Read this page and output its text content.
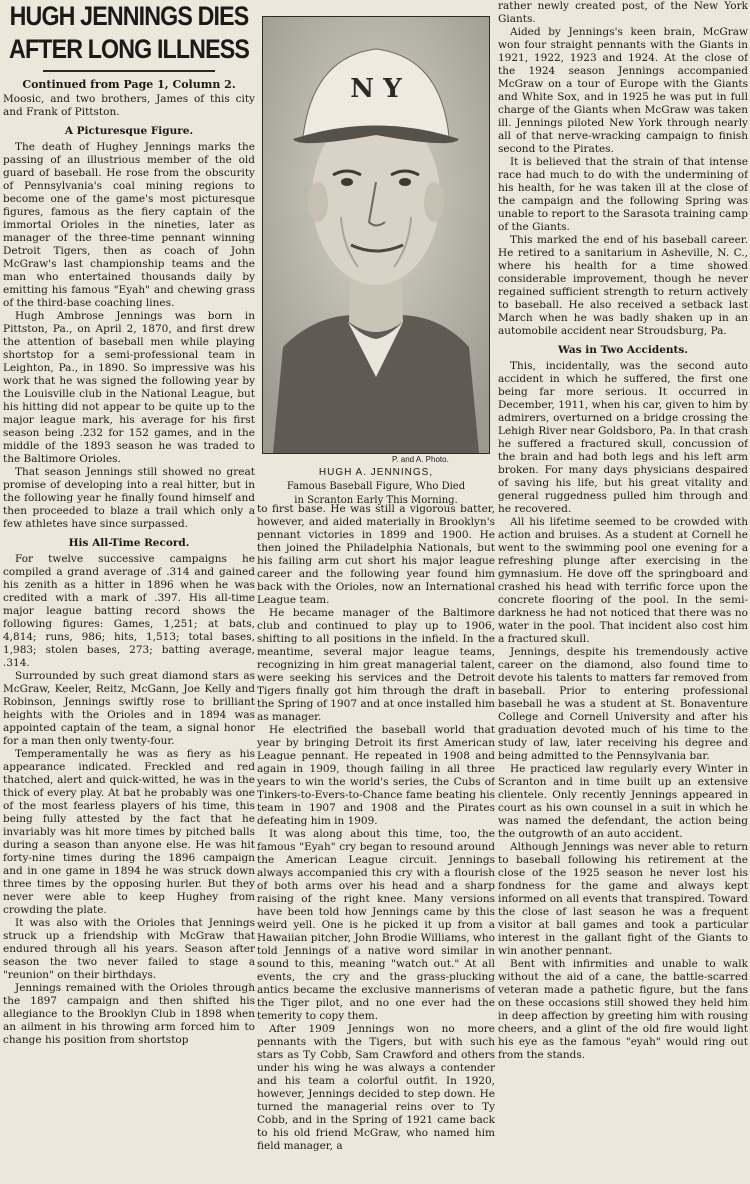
HUGH JENNINGS DIES
AFTER LONG ILLNESS
Continued from Page 1, Column 2.

Moosic, and two brothers, James of this city and Frank of Pittston.

A Picturesque Figure.

The death of Hughey Jennings marks the passing of an illustrious member of the old guard of baseball. He rose from the obscurity of Pennsylvania's coal mining regions to become one of the game's most picturesque figures, famous as the fiery captain of the immortal Orioles in the nineties, later as manager of the three-time pennant winning Detroit Tigers, then as coach of John McGraw's last championship teams and the man who entertained thousands daily by emitting his famous "Eyah" and chewing grass of the third-base coaching lines.

Hugh Ambrose Jennings was born in Pittston, Pa., on April 2, 1870, and first drew the attention of baseball men while playing shortstop for a semi-professional team in Leighton, Pa., in 1890. So impressive was his work that he was signed the following year by the Louisville club in the National League, but his hitting did not appear to be quite up to the major league mark, his average for his first season being .232 for 152 games, and in the middle of the 1893 season he was traded to the Baltimore Orioles.

That season Jennings still showed no great promise of developing into a real hitter, but in the following year he finally found himself and then proceeded to blaze a trail which only a few athletes have since surpassed.

His All-Time Record.

For twelve successive campaigns he compiled a grand average of .314 and gained his zenith as a hitter in 1896 when he was credited with a mark of .397. His all-time major league batting record shows the following figures: Games, 1,251; at bats, 4,814; runs, 986; hits, 1,513; total bases, 1,983; stolen bases, 273; batting average, .314.

Surrounded by such great diamond stars as McGraw, Keeler, Reitz, McGann, Joe Kelly and Robinson, Jennings swiftly rose to brilliant heights with the Orioles and in 1894 was appointed captain of the team, a signal honor for a man then only twenty-four.

Temperamentally he was as fiery as his appearance indicated. Freckled and red thatched, alert and quick-witted, he was in the thick of every play. At bat he probably was one of the most fearless players of his time, this being fully attested by the fact that he invariably was hit more times by pitched balls during a season than anyone else. He was hit forty-nine times during the 1896 campaign and in one game in 1894 he was struck down three times by the opposing hurler. But they never were able to keep Hughey from crowding the plate.

It was also with the Orioles that Jennings struck up a friendship with McGraw that endured through all his years. Season after season the two never failed to stage a "reunion" on their birthdays.

Jennings remained with the Orioles through the 1897 campaign and then shifted his allegiance to the Brooklyn Club in 1898 when an ailment in his throwing arm forced him to change his position from shortstop

N Y
P. and A. Photo.
HUGH A. JENNINGS,
Famous Baseball Figure, Who Died
in Scranton Early This Morning.

to first base. He was still a vigorous batter, however, and aided materially in Brooklyn's pennant victories in 1899 and 1900. He then joined the Philadelphia Nationals, but his failing arm cut short his major league career and the following year found him back with the Orioles, now an International League team.

He became manager of the Baltimore club and continued to play up to 1906, shifting to all positions in the infield. In the meantime, several major league teams, recognizing in him great managerial talent, were seeking his services and the Detroit Tigers finally got him through the draft in the Spring of 1907 and at once installed him as manager.

He electrified the baseball world that year by bringing Detroit its first American League pennant. He repeated in 1908 and again in 1909, though failing in all three years to win the world's series, the Cubs of Tinkers-to-Evers-to-Chance fame beating his team in 1907 and 1908 and the Pirates defeating him in 1909.

It was along about this time, too, the famous "Eyah" cry began to resound around the American League circuit. Jennings always accompanied this cry with a flourish of both arms over his head and a sharp raising of the right knee. Many versions have been told how Jennings came by this weird yell. One is he picked it up from a Hawaiian pitcher, John Brodie Williams, who told Jennings of a native word similar in sound to this, meaning "watch out." At all events, the cry and the grass-plucking antics became the exclusive mannerisms of the Tiger pilot, and no one ever had the temerity to copy them.

After 1909 Jennings won no more pennants with the Tigers, but with such stars as Ty Cobb, Sam Crawford and others under his wing he was always a contender and his team a colorful outfit. In 1920, however, Jennings decided to step down. He turned the managerial reins over to Ty Cobb, and in the Spring of 1921 came back to his old friend McGraw, who named him field manager, a

rather newly created post, of the New York Giants.

Aided by Jennings's keen brain, McGraw won four straight pennants with the Giants in 1921, 1922, 1923 and 1924. At the close of the 1924 season Jennings accompanied McGraw on a tour of Europe with the Giants and White Sox, and in 1925 he was put in full charge of the Giants when McGraw was taken ill. Jennings piloted New York through nearly all of that nerve-wracking campaign to finish second to the Pirates.

It is believed that the strain of that intense race had much to do with the undermining of his health, for he was taken ill at the close of the campaign and the following Spring was unable to report to the Sarasota training camp of the Giants.

This marked the end of his baseball career. He retired to a sanitarium in Asheville, N. C., where his health for a time showed considerable improvement, though he never regained sufficient strength to return actively to baseball. He also received a setback last March when he was badly shaken up in an automobile accident near Stroudsburg, Pa.

Was in Two Accidents.

This, incidentally, was the second auto accident in which he suffered, the first one being far more serious. It occurred in December, 1911, when his car, given to him by admirers, overturned on a bridge crossing the Lehigh River near Goldsboro, Pa. In that crash he suffered a fractured skull, concussion of the brain and had both legs and his left arm broken. For many days physicians despaired of saving his life, but his great vitality and general ruggedness pulled him through and he recovered.

All his lifetime seemed to be crowded with action and bruises. As a student at Cornell he went to the swimming pool one evening for a refreshing plunge after exercising in the gymnasium. He dove off the springboard and crashed his head with terrific force upon the concrete flooring of the pool. In the semi-darkness he had not noticed that there was no water in the pool. That incident also cost him a fractured skull.

Jennings, despite his tremendously active career on the diamond, also found time to devote his talents to matters far removed from baseball. Prior to entering professional baseball he was a student at St. Bonaventure College and Cornell University and after his graduation devoted much of his time to the study of law, later receiving his degree and being admitted to the Pennsylvania bar.

He practiced law regularly every Winter in Scranton and in time built up an extensive clientele. Only recently Jennings appeared in court as his own counsel in a suit in which he was named the defendant, the action being the outgrowth of an auto accident.

Although Jennings was never able to return to baseball following his retirement at the close of the 1925 season he never lost his fondness for the game and always kept informed on all events that transpired. Toward the close of last season he was a frequent visitor at ball games and took a particular interest in the gallant fight of the Giants to win another pennant.

Bent with infirmities and unable to walk without the aid of a cane, the battle-scarred veteran made a pathetic figure, but the fans on these occasions still showed they held him in deep affection by greeting him with rousing cheers, and a glint of the old fire would light his eye as the famous "eyah" would ring out from the stands.
